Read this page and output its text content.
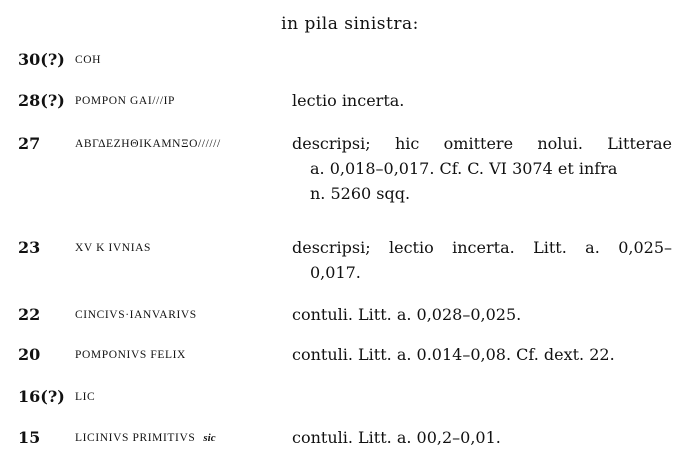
in pila sinistra:
30(?) COH
28(?) POMPON GAI///IP	lectio incerta.
27	ΑΒΓΔΕΖΗΘΙΚΑΜΝΞΟ//////	descripsi; hic omittere nolui. Litterae
a. 0,018–0,017. Cf. C. VI 3074 et infra
n. 5260 sqq.
23	XV K IVNIAS	descripsi; lectio incerta. Litt. a. 0,025–
0,017.
22	CINCIVS·IANVARIVS	contuli. Litt. a. 0,028–0,025.
20	POMPONIVS FELIX	contuli. Litt. a. 0.014–0,08. Cf. dext. 22.
16(?) LIC
15	LICINIVS PRIMITIVS sic	contuli. Litt. a. 00,2–0,01.
